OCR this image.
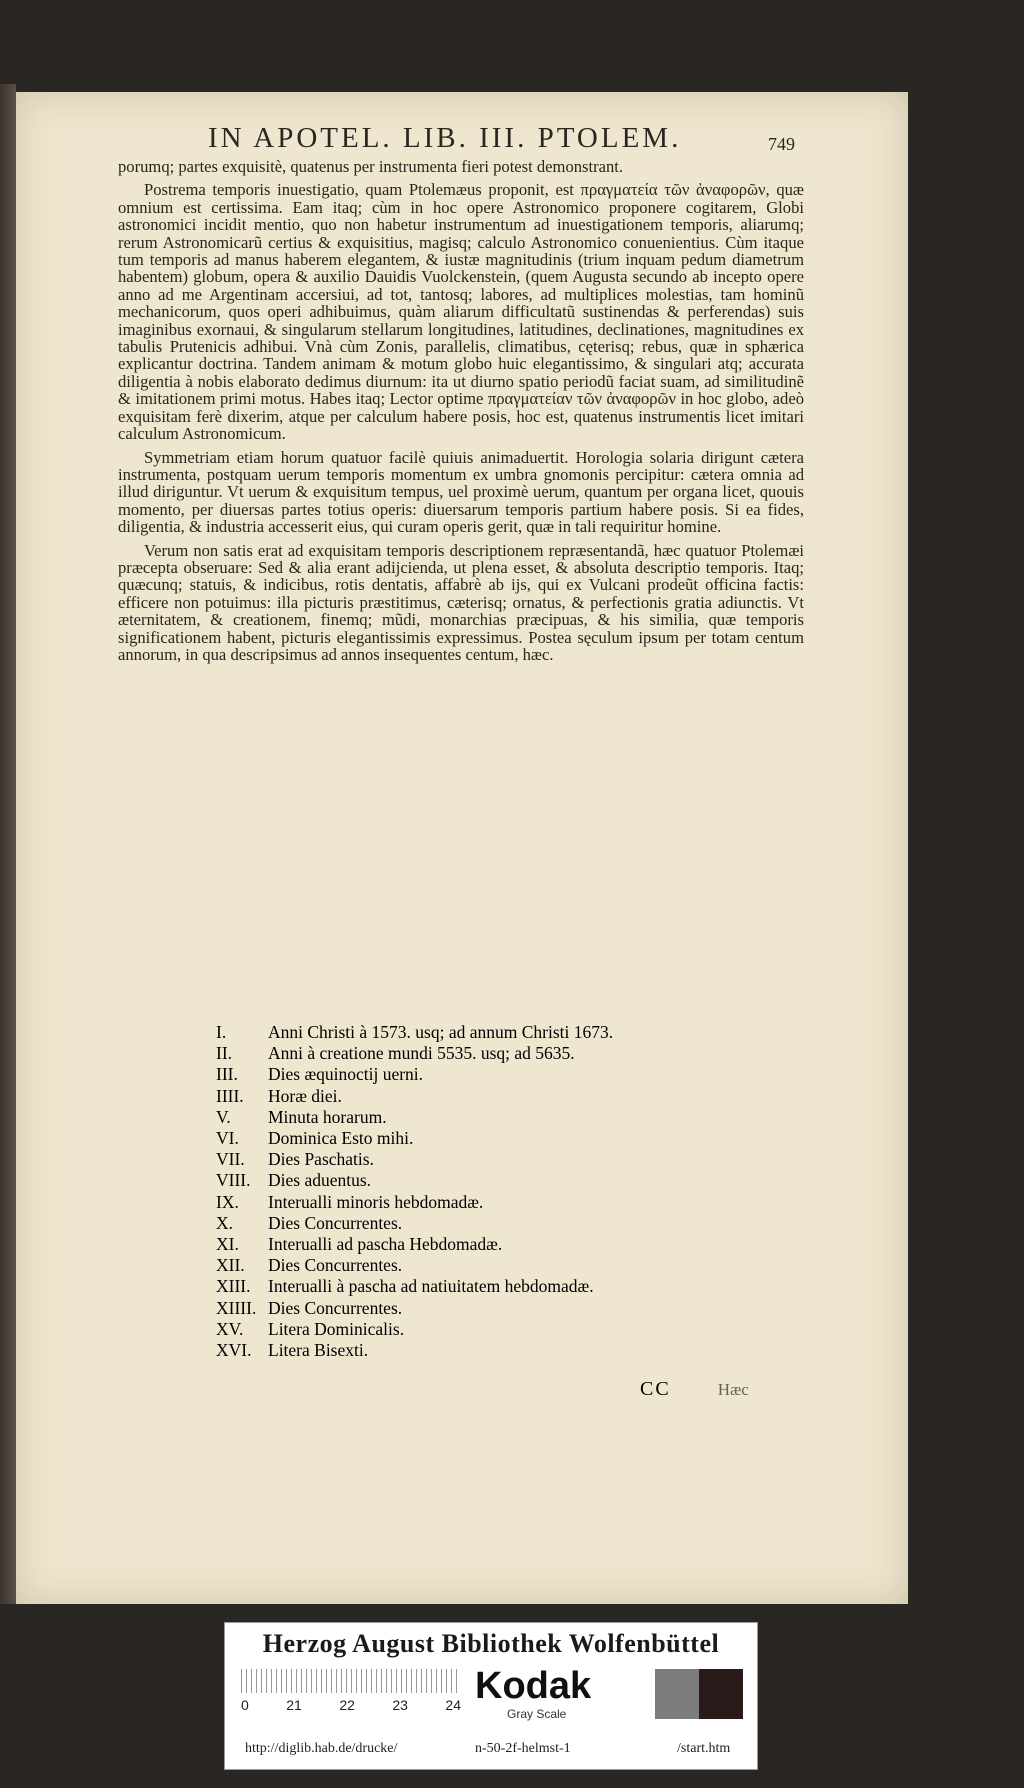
IN APOTEL. LIB. III. PTOLEM.	749

porumq; partes exquisitè, quatenus per instrumenta fieri potest demonstrant.

Postrema temporis inuestigatio, quam Ptolemæus proponit, est πραγματεία τῶν ἀναφορῶν, quæ omnium est certissima. Eam itaq; cùm in hoc opere Astronomico proponere cogitarem, Globi astronomici incidit mentio, quo non habetur instrumentum ad inuestigationem temporis, aliarumq; rerum Astronomicarũ certius & exquisitius, magisq; calculo Astronomico conuenientius. Cùm itaque tum temporis ad manus haberem elegantem, & iustæ magnitudinis (trium inquam pedum diametrum habentem) globum, opera & auxilio Dauidis Vuolckenstein, (quem Augusta secundo ab incepto opere anno ad me Argentinam accersiui, ad tot, tantosq; labores, ad multiplices molestias, tam hominũ mechanicorum, quos operi adhibuimus, quàm aliarum difficultatũ sustinendas & perferendas) suis imaginibus exornaui, & singularum stellarum longitudines, latitudines, declinationes, magnitudines ex tabulis Prutenicis adhibui. Vnà cùm Zonis, parallelis, climatibus, cęterisq; rebus, quæ in sphærica explicantur doctrina. Tandem animam & motum globo huic elegantissimo, & singulari atq; accurata diligentia à nobis elaborato dedimus diurnum: ita ut diurno spatio periodũ faciat suam, ad similitudinẽ & imitationem primi motus. Habes itaq; Lector optime πραγματείαν τῶν ἀναφορῶν in hoc globo, adeò exquisitam ferè dixerim, atque per calculum habere posis, hoc est, quatenus instrumentis licet imitari calculum Astronomicum.

Symmetriam etiam horum quatuor facilè quiuis animaduertit. Horologia solaria dirigunt cætera instrumenta, postquam uerum temporis momentum ex umbra gnomonis percipitur: cætera omnia ad illud diriguntur. Vt uerum & exquisitum tempus, uel proximè uerum, quantum per organa licet, quouis momento, per diuersas partes totius operis: diuersarum temporis partium habere posis. Si ea fides, diligentia, & industria accesserit eius, qui curam operis gerit, quæ in tali requiritur homine.

Verum non satis erat ad exquisitam temporis descriptionem repræsentandã, hæc quatuor Ptolemæi præcepta obseruare: Sed & alia erant adijcienda, ut plena esset, & absoluta descriptio temporis. Itaq; quæcunq; statuis, & indicibus, rotis dentatis, affabrè ab ijs, qui ex Vulcani prodeũt officina factis: efficere non potuimus: illa picturis præstitimus, cæterisq; ornatus, & perfectionis gratia adiunctis. Vt æternitatem, & creationem, finemq; mũdi, monarchias præcipuas, & his similia, quæ temporis significationem habent, picturis elegantissimis expressimus. Postea sęculum ipsum per totam centum annorum, in qua descripsimus ad annos insequentes centum, hæc.

I.	Anni Christi à 1573. usq; ad annum Christi 1673.
II.	Anni à creatione mundi 5535. usq; ad 5635.
III.	Dies æquinoctij uerni.
IIII.	Horæ diei.
V.	Minuta horarum.
VI.	Dominica Esto mihi.
VII.	Dies Paschatis.
VIII.	Dies aduentus.
IX.	Interualli minoris hebdomadæ.
X.	Dies Concurrentes.
XI.	Interualli ad pascha Hebdomadæ.
XII.	Dies Concurrentes.
XIII.	Interualli à pascha ad natiuitatem hebdomadæ.
XIIII. Dies Concurrentes.
XV.	Litera Dominicalis.
XVI. Litera Bisexti.
CC	Hæc
Herzog August Bibliothek Wolfenbüttel
0	21	22	23	24 Kodak
Gray Scale
http://diglib.hab.de/drucke/	n-50-2f-helmst-1	/start.htm
